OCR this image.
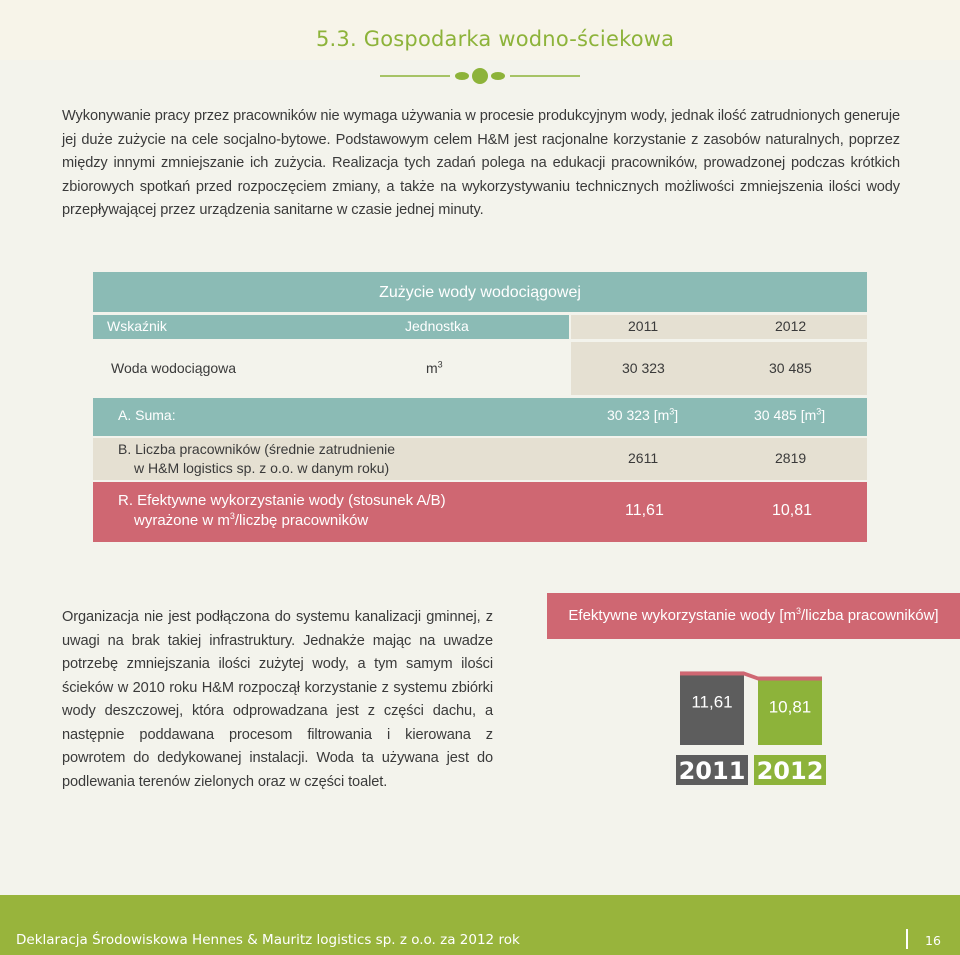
5.3. Gospodarka wodno-ściekowa

Wykonywanie pracy przez pracowników nie wymaga używania w procesie produkcyjnym wody, jednak ilość zatrudnionych generuje jej duże zużycie na cele socjalno-bytowe. Podstawowym celem H&M jest racjonalne korzystanie z zasobów naturalnych, poprzez między innymi zmniejszanie ich zużycia. Realizacja tych zadań polega na edukacji pracowników, prowadzonej podczas krótkich zbiorowych spotkań przed rozpoczęciem zmiany, a także na wykorzystywaniu technicznych możliwości zmniejszenia ilości wody przepływającej przez urządzenia sanitarne w czasie jednej minuty.

Zużycie wody wodociągowej
Wskaźnik	Jednostka	2011	2012
Woda wodociągowa	$m^3$	30 323	30 485
A. Suma:	30 323 $[m^3]$	30 485 $[m^3]$
B. Liczba pracowników (średnie zatrudnienie
w H&M logistics sp. z o.o. w danym roku)
2611	2819
R. Efektywne wykorzystanie wody (stosunek A/B)
wyrażone w $m^3$/liczbę pracowników
11,61	10,81

Organizacja nie jest podłączona do systemu kanalizacji gminnej, z uwagi na brak takiej infrastruktury. Jednakże mając na uwadze potrzebę zmniejszania ilości zużytej wody, a tym samym ilości ścieków w 2010 roku H&M rozpoczął korzystanie z systemu zbiórki wody deszczowej, która odprowadzana jest z części dachu, a następnie poddawana procesom filtrowania i kierowana z powrotem do dedykowanej instalacji. Woda ta używana jest do podlewania terenów zielonych oraz w części toalet.

Efektywne wykorzystanie wody [$m^3$/liczba pracowników]
11,61
2011
10,81
2012
Deklaracja Środowiskowa Hennes & Mauritz logistics sp. z o.o. za 2012 rok	16
